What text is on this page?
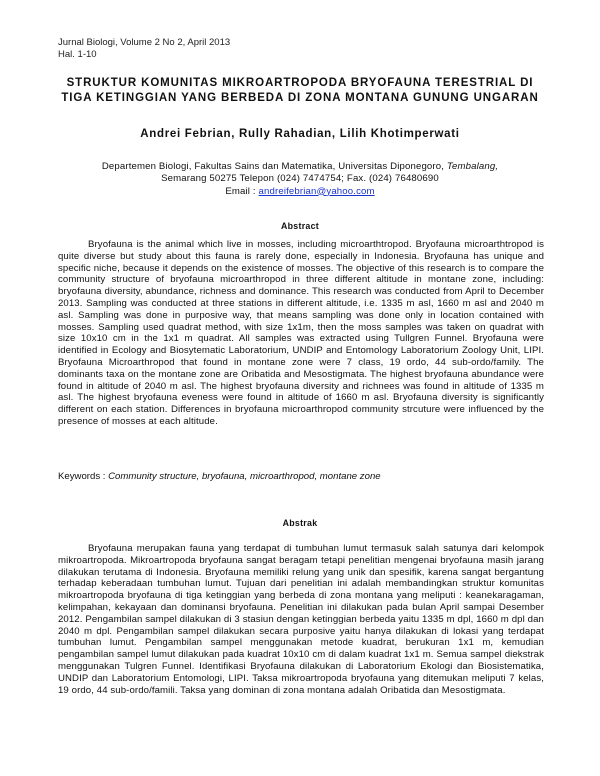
Jurnal Biologi, Volume 2 No 2, April 2013
Hal. 1-10
STRUKTUR KOMUNITAS MIKROARTROPODA BRYOFAUNA TERESTRIAL DI TIGA KETINGGIAN YANG BERBEDA DI ZONA MONTANA GUNUNG UNGARAN
Andrei Febrian, Rully Rahadian, Lilih Khotimperwati
Departemen Biologi, Fakultas Sains dan Matematika, Universitas Diponegoro, Tembalang,
Semarang 50275 Telepon (024) 7474754; Fax. (024) 76480690
Email : andreifebrian@yahoo.com
Abstract

Bryofauna is the animal which live in mosses, including microarthtropod. Bryofauna microarthtropod is quite diverse but study about this fauna is rarely done, especially in Indonesia. Bryofauna has unique and specific niche, because it depends on the existence of mosses. The objective of this research is to compare the community structure of bryofauna microarthropod in three different altitude in montane zone, including: bryofauna diversity, abundance, richness and dominance. This research was conducted from April to December 2013. Sampling was conducted at three stations in different altitude, i.e. 1335 m asl, 1660 m asl and 2040 m asl. Sampling was done in purposive way, that means sampling was done only in location contained with mosses. Sampling used quadrat method, with size 1x1m, then the moss samples was taken on quadrat with size 10x10 cm in the 1x1 m quadrat. All samples was extracted using Tullgren Funnel. Bryofauna were identified in Ecology and Biosytematic Laboratorium, UNDIP and Entomology Laboratorium Zoology Unit, LIPI. Bryofauna Microarthropod that found in montane zone were 7 class, 19 ordo, 44 sub-ordo/family. The dominants taxa on the montane zone are Oribatida and Mesostigmata. The highest bryofauna abundance were found in altitude of 2040 m asl. The highest bryofauna diversity and richnees was found in altitude of 1335 m asl. The highest bryofauna eveness were found in altitude of 1660 m asl. Bryofauna diversity is significantly different on each station. Differences in bryofauna microarthropod community strcuture were influenced by the presence of mosses at each altitude.

Keywords : Community structure, bryofauna, microarthropod, montane zone
Abstrak

Bryofauna merupakan fauna yang terdapat di tumbuhan lumut termasuk salah satunya dari kelompok mikroartropoda. Mikroartropoda bryofauna sangat beragam tetapi penelitian mengenai bryofauna masih jarang dilakukan terutama di Indonesia. Bryofauna memiliki relung yang unik dan spesifik, karena sangat bergantung terhadap keberadaan tumbuhan lumut. Tujuan dari penelitian ini adalah membandingkan struktur komunitas mikroartropoda bryofauna di tiga ketinggian yang berbeda di zona montana yang meliputi : keanekaragaman, kelimpahan, kekayaan dan dominansi bryofauna. Penelitian ini dilakukan pada bulan April sampai Desember 2012. Pengambilan sampel dilakukan di 3 stasiun dengan ketinggian berbeda yaitu 1335 m dpl, 1660 m dpl dan 2040 m dpl. Pengambilan sampel dilakukan secara purposive yaitu hanya dilakukan di lokasi yang terdapat tumbuhan lumut. Pengambilan sampel menggunakan metode kuadrat, berukuran 1x1 m, kemudian pengambilan sampel lumut dilakukan pada kuadrat 10x10 cm di dalam kuadrat 1x1 m. Semua sampel diekstrak menggunakan Tulgren Funnel. Identifikasi Bryofauna dilakukan di Laboratorium Ekologi dan Biosistematika, UNDIP dan Laboratorium Entomologi, LIPI. Taksa mikroartropoda bryofauna yang ditemukan meliputi 7 kelas, 19 ordo, 44 sub-ordo/famili. Taksa yang dominan di zona montana adalah Oribatida dan Mesostigmata.
